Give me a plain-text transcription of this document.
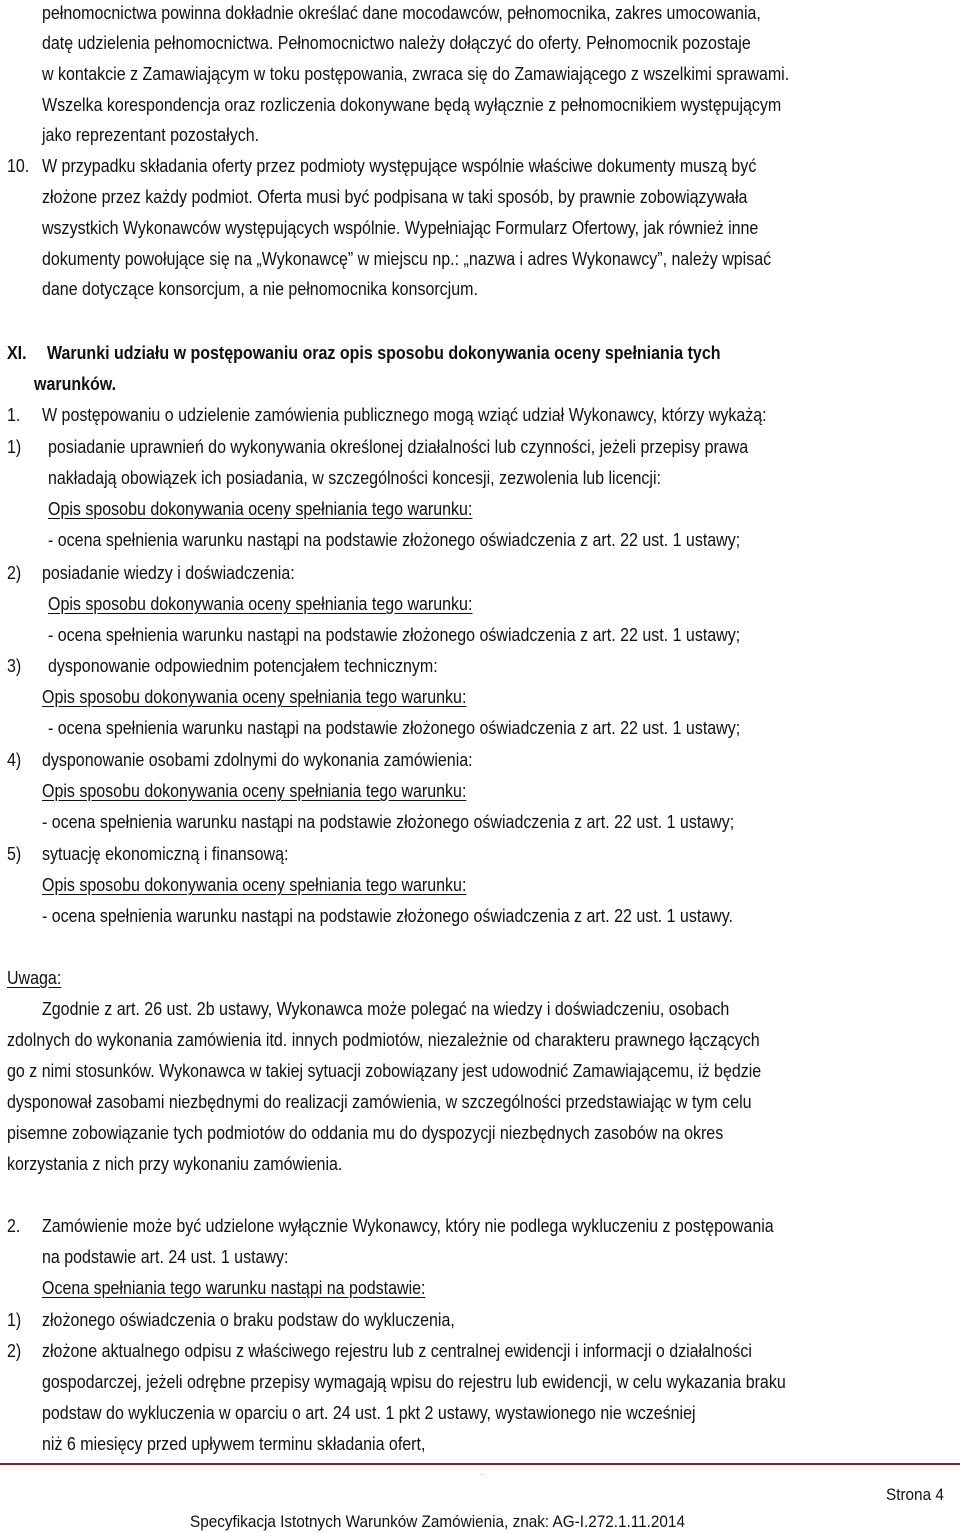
pełnomocnictwa powinna dokładnie określać dane mocodawców, pełnomocnika, zakres umocowania,
datę udzielenia pełnomocnictwa. Pełnomocnictwo należy dołączyć do oferty. Pełnomocnik pozostaje
w kontakcie z Zamawiającym w toku postępowania, zwraca się do Zamawiającego z wszelkimi sprawami.
Wszelka korespondencja oraz rozliczenia dokonywane będą wyłącznie z pełnomocnikiem występującym
jako reprezentant pozostałych.
10. W przypadku składania oferty przez podmioty występujące wspólnie właściwe dokumenty muszą być
złożone przez każdy podmiot. Oferta musi być podpisana w taki sposób, by prawnie zobowiązywała
wszystkich Wykonawców występujących wspólnie. Wypełniając Formularz Ofertowy, jak również inne
dokumenty powołujące się na „Wykonawcę” w miejscu np.: „nazwa i adres Wykonawcy”, należy wpisać
dane dotyczące konsorcjum, a nie pełnomocnika konsorcjum.
XI. Warunki udziału w postępowaniu oraz opis sposobu dokonywania oceny spełniania tych
warunków.
1. W postępowaniu o udzielenie zamówienia publicznego mogą wziąć udział Wykonawcy, którzy wykażą:
1) posiadanie uprawnień do wykonywania określonej działalności lub czynności, jeżeli przepisy prawa
nakładają obowiązek ich posiadania, w szczególności koncesji, zezwolenia lub licencji:
Opis sposobu dokonywania oceny spełniania tego warunku:
- ocena spełnienia warunku nastąpi na podstawie złożonego oświadczenia z art. 22 ust. 1 ustawy;
2) posiadanie wiedzy i doświadczenia:
Opis sposobu dokonywania oceny spełniania tego warunku:
- ocena spełnienia warunku nastąpi na podstawie złożonego oświadczenia z art. 22 ust. 1 ustawy;
3) dysponowanie odpowiednim potencjałem technicznym:
Opis sposobu dokonywania oceny spełniania tego warunku:
- ocena spełnienia warunku nastąpi na podstawie złożonego oświadczenia z art. 22 ust. 1 ustawy;
4) dysponowanie osobami zdolnymi do wykonania zamówienia:
Opis sposobu dokonywania oceny spełniania tego warunku:
- ocena spełnienia warunku nastąpi na podstawie złożonego oświadczenia z art. 22 ust. 1 ustawy;
5) sytuację ekonomiczną i finansową:
Opis sposobu dokonywania oceny spełniania tego warunku:
- ocena spełnienia warunku nastąpi na podstawie złożonego oświadczenia z art. 22 ust. 1 ustawy.
Uwaga:
Zgodnie z art. 26 ust. 2b ustawy, Wykonawca może polegać na wiedzy i doświadczeniu, osobach
zdolnych do wykonania zamówienia itd. innych podmiotów, niezależnie od charakteru prawnego łączących
go z nimi stosunków. Wykonawca w takiej sytuacji zobowiązany jest udowodnić Zamawiającemu, iż będzie
dysponował zasobami niezbędnymi do realizacji zamówienia, w szczególności przedstawiając w tym celu
pisemne zobowiązanie tych podmiotów do oddania mu do dyspozycji niezbędnych zasobów na okres
korzystania z nich przy wykonaniu zamówienia.
2. Zamówienie może być udzielone wyłącznie Wykonawcy, który nie podlega wykluczeniu z postępowania
na podstawie art. 24 ust. 1 ustawy:
Ocena spełniania tego warunku nastąpi na podstawie:
1) złożonego oświadczenia o braku podstaw do wykluczenia,
2) złożone aktualnego odpisu z właściwego rejestru lub z centralnej ewidencji i informacji o działalności
gospodarczej, jeżeli odrębne przepisy wymagają wpisu do rejestru lub ewidencji, w celu wykazania braku
podstaw do wykluczenia w oparciu o art. 24 ust. 1 pkt 2 ustawy, wystawionego nie wcześniej
niż 6 miesięcy przed upływem terminu składania ofert,
··
Strona 4
Specyfikacja Istotnych Warunków Zamówienia, znak: AG-I.272.1.11.2014
